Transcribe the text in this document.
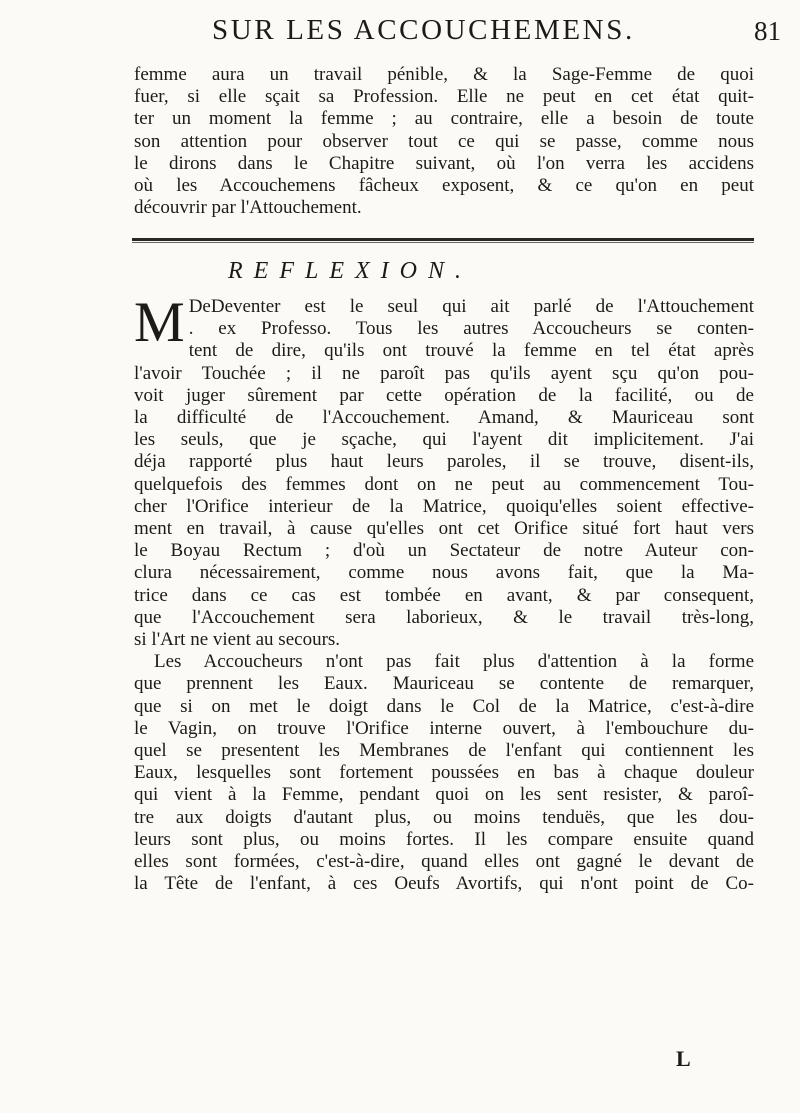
SUR LES ACCOUCHEMENS.	81
femme aura un travail pénible, & la Sage-Femme de quoi
fuer, si elle sçait sa Profession. Elle ne peut en cet état quit-
ter un moment la femme ; au contraire, elle a besoin de toute
son attention pour observer tout ce qui se passe, comme nous
le dirons dans le Chapitre suivant, où l'on verra les accidens
où les Accouchemens fâcheux exposent, & ce qu'on en peut
découvrir par l'Attouchement.
REFLEXION.
M DeDeventer est le seul qui ait parlé de l'Attouchement
. ex Professo. Tous les autres Accoucheurs se conten-
tent de dire, qu'ils ont trouvé la femme en tel état après
l'avoir Touchée ; il ne paroît pas qu'ils ayent sçu qu'on pou-
voit juger sûrement par cette opération de la facilité, ou de
la difficulté de l'Accouchement. Amand, & Mauriceau sont
les seuls, que je sçache, qui l'ayent dit implicitement. J'ai
déja rapporté plus haut leurs paroles, il se trouve, disent-ils,
quelquefois des femmes dont on ne peut au commencement Tou-
cher l'Orifice interieur de la Matrice, quoiqu'elles soient effective-
ment en travail, à cause qu'elles ont cet Orifice situé fort haut vers
le Boyau Rectum ; d'où un Sectateur de notre Auteur con-
clura nécessairement, comme nous avons fait, que la Ma-
trice dans ce cas est tombée en avant, & par consequent,
que l'Accouchement sera laborieux, & le travail très-long,
si l'Art ne vient au secours.
Les Accoucheurs n'ont pas fait plus d'attention à la forme
que prennent les Eaux. Mauriceau se contente de remarquer,
que si on met le doigt dans le Col de la Matrice, c'est-à-dire
le Vagin, on trouve l'Orifice interne ouvert, à l'embouchure du-
quel se presentent les Membranes de l'enfant qui contiennent les
Eaux, lesquelles sont fortement poussées en bas à chaque douleur
qui vient à la Femme, pendant quoi on les sent resister, & paroî-
tre aux doigts d'autant plus, ou moins tenduës, que les dou-
leurs sont plus, ou moins fortes. Il les compare ensuite quand
elles sont formées, c'est-à-dire, quand elles ont gagné le devant de
la Tête de l'enfant, à ces Oeufs Avortifs, qui n'ont point de Co-
L
